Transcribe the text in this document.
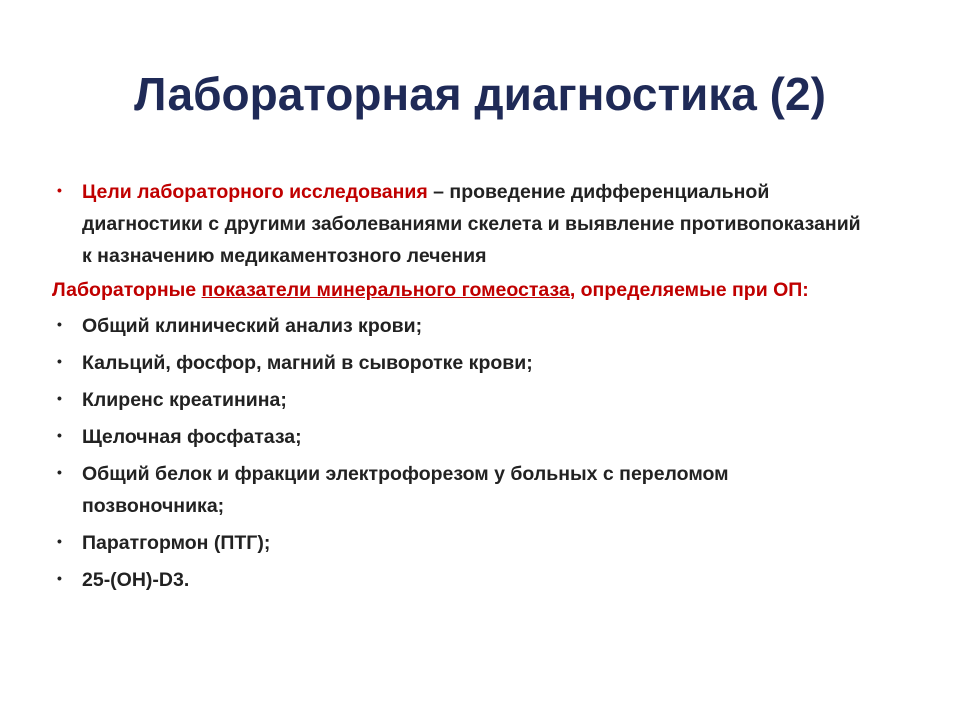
Лабораторная диагностика (2)
• Цели лабораторного исследования – проведение дифференциальной диагностики с другими заболеваниями скелета и выявление противопоказаний к назначению медикаментозного лечения
Лабораторные показатели минерального гомеостаза, определяемые при ОП:
• Общий клинический анализ крови;
• Кальций, фосфор, магний в сыворотке крови;
• Клиренс креатинина;
• Щелочная фосфатаза;
• Общий белок и фракции электрофорезом у больных с переломом позвоночника;
• Паратгормон (ПТГ);
• 25-(OH)-D3.
